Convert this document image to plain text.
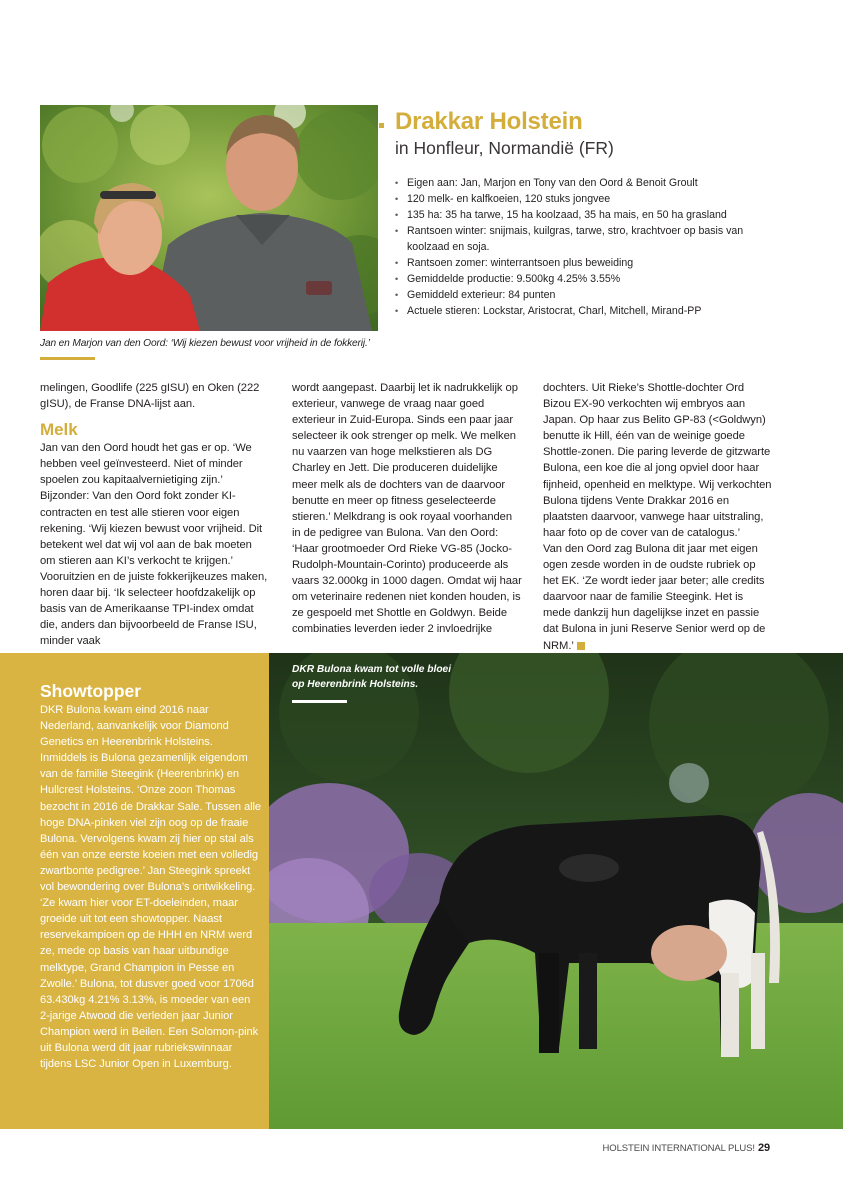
Jan en Marjon van den Oord: ‘Wij kiezen bewust voor vrijheid in de fokkerij.’
Drakkar Holstein
in Honfleur, Normandië (FR)
• Eigen aan: Jan, Marjon en Tony van den Oord & Benoit Groult
• 120 melk- en kalfkoeien, 120 stuks jongvee
• 135 ha: 35 ha tarwe, 15 ha koolzaad, 35 ha mais, en 50 ha grasland
• Rantsoen winter: snijmais, kuilgras, tarwe, stro, krachtvoer op basis van koolzaad en soja.
• Rantsoen zomer: winterrantsoen plus beweiding
• Gemiddelde productie: 9.500kg 4.25% 3.55%
• Gemiddeld exterieur: 84 punten
• Actuele stieren: Lockstar, Aristocrat, Charl, Mitchell, Mirand-PP

melingen, Goodlife (225 gISU) en Oken (222 gISU), de Franse DNA-lijst aan.

Melk

Jan van den Oord houdt het gas er op. ‘We hebben veel geïnvesteerd. Niet of minder spoelen zou kapitaalvernietiging zijn.’ Bijzonder: Van den Oord fokt zonder KI-contracten en test alle stieren voor eigen rekening. ‘Wij kiezen bewust voor vrijheid. Dit betekent wel dat wij vol aan de bak moeten om stieren aan KI’s verkocht te krijgen.’ Vooruitzien en de juiste fokkerijkeuzes maken, horen daar bij. ‘Ik selecteer hoofdzakelijk op basis van de Amerikaanse TPI-index omdat die, anders dan bijvoorbeeld de Franse ISU, minder vaak

wordt aangepast. Daarbij let ik nadrukkelijk op exterieur, vanwege de vraag naar goed exterieur in Zuid-Europa. Sinds een paar jaar selecteer ik ook strenger op melk. We melken nu vaarzen van hoge melkstieren als DG Charley en Jett. Die produceren duidelijke meer melk als de dochters van de daarvoor benutte en meer op fitness geselecteerde stieren.’ Melkdrang is ook royaal voorhanden in de pedigree van Bulona. Van den Oord: ‘Haar grootmoeder Ord Rieke VG-85 (Jocko-Rudolph-Mountain-Corinto) produceerde als vaars 32.000kg in 1000 dagen. Omdat wij haar om veterinaire redenen niet konden houden, is ze gespoeld met Shottle en Goldwyn. Beide combinaties leverden ieder 2 invloedrijke

dochters. Uit Rieke’s Shottle-dochter Ord Bizou EX-90 verkochten wij embryos aan Japan. Op haar zus Belito GP-83 (<Goldwyn) benutte ik Hill, één van de weinige goede Shottle-zonen. Die paring leverde de gitzwarte Bulona, een koe die al jong opviel door haar fijnheid, openheid en melktype. Wij verkochten Bulona tijdens Vente Drakkar 2016 en plaatsten daarvoor, vanwege haar uitstraling, haar foto op de cover van de catalogus.’

Van den Oord zag Bulona dit jaar met eigen ogen zesde worden in de oudste rubriek op het EK. ‘Ze wordt ieder jaar beter; alle credits daarvoor naar de familie Steegink. Het is mede dankzij hun dagelijkse inzet en passie dat Bulona in juni Reserve Senior werd op de NRM.’

Showtopper
DKR Bulona kwam eind 2016 naar Nederland, aanvankelijk voor Diamond Genetics en Heerenbrink Holsteins. Inmiddels is Bulona gezamenlijk eigendom van de familie Steegink (Heerenbrink) en Hullcrest Holsteins. ‘Onze zoon Thomas bezocht in 2016 de Drakkar Sale. Tussen alle hoge DNA-pinken viel zijn oog op de fraaie Bulona. Vervolgens kwam zij hier op stal als één van onze eerste koeien met een volledig zwartbonte pedigree.’ Jan Steegink spreekt vol bewondering over Bulona’s ontwikkeling. ‘Ze kwam hier voor ET-doeleinden, maar groeide uit tot een showtopper. Naast reservekampioen op de HHH en NRM werd ze, mede op basis van haar uitbundige melktype, Grand Champion in Pesse en Zwolle.’ Bulona, tot dusver goed voor 1706d 63.430kg 4.21% 3.13%, is moeder van een 2-jarige Atwood die verleden jaar Junior Champion werd in Beilen. Een Solomon-pink uit Bulona werd dit jaar rubriekswinnaar tijdens LSC Junior Open in Luxemburg.
DKR Bulona kwam tot volle bloei op Heerenbrink Holsteins.
HOLSTEIN INTERNATIONAL PLUS! 29
